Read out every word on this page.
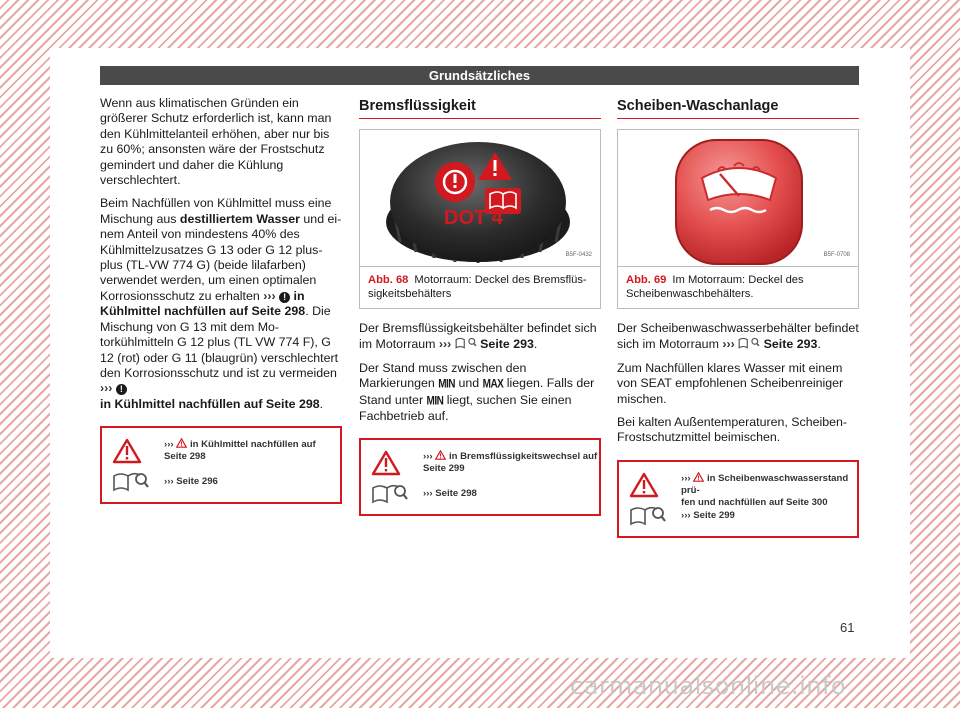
Grundsätzliches

Wenn aus klimatischen Gründen ein größerer Schutz erforderlich ist, kann man den Kühlmittelanteil erhöhen, aber nur bis zu 60%; ansonsten wäre der Frostschutz gemindert und daher die Kühlung verschlechtert.

Beim Nachfüllen von Kühlmittel muss eine Mischung aus destilliertem Wasser und einem Anteil von mindestens 40% des Kühlmittelzusatzes G 13 oder G 12 plus-plus (TL-VW 774 G) (beide lilafarben) verwendet werden, um einen optimalen Korrosionsschutz zu erhalten ››› ! in Kühlmittel nachfüllen auf Seite 298. Die Mischung von G 13 mit dem Motorkühlmitteln G 12 plus (TL VW 774 F), G 12 (rot) oder G 11 (blaugrün) verschlechtert den Korrosionsschutz und ist zu vermeiden ››› !
in Kühlmittel nachfüllen auf Seite 298.

››› in Kühlmittel nachfüllen auf
Seite 298
››› Seite 296
Bremsflüssigkeit
DOT 4
B5F-0432
Abb. 68 Motorraum: Deckel des Bremsflüssigkeitsbehälters

Der Bremsflüssigkeitsbehälter befindet sich im Motorraum ››› Seite 293.

Der Stand muss zwischen den Markierungen MIN und MAX liegen. Falls der Stand unter MIN liegt, suchen Sie einen Fachbetrieb auf.

››› in Bremsflüssigkeitswechsel auf
Seite 299
››› Seite 298
Scheiben-Waschanlage
B5F-0708
Abb. 69 Im Motorraum: Deckel des Scheibenwaschbehälters.

Der Scheibenwaschwasserbehälter befindet sich im Motorraum ››› Seite 293.

Zum Nachfüllen klares Wasser mit einem von SEAT empfohlenen Scheibenreiniger mischen.

Bei kalten Außentemperaturen, Scheiben-Frostschutzmittel beimischen.

››› in Scheibenwaschwasserstand prü-
fen und nachfüllen auf Seite 300
››› Seite 299
61
carmanualsonline.info
